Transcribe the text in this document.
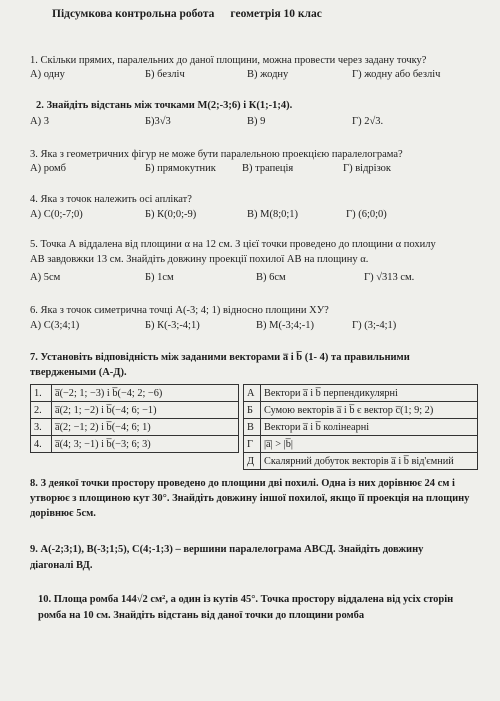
Підсумкова контрольна робота геометрія 10 клас
1. Скільки прямих, паралельних до даної площини, можна провести через задану точку?
А) одну	Б) безліч	В) жодну	Г) жодну або безліч
2. Знайдіть відстань між точками М(2;-3;6) і К(1;-1;4).
А) 3	Б)3√3	В) 9	Г) 2√3.
3. Яка з геометричних фігур не може бути паралельною проекцією паралелограма?
А) ромб	Б) прямокутник В) трапеція	Г) відрізок
4. Яка з точок належить осі аплікат?
А) С(0;-7;0)	Б) К(0;0;-9)	В) М(8;0;1)	Г) (6;0;0)
5. Точка А віддалена від площини α на 12 см. З цієї точки проведено до площини α похилу
АВ завдовжки 13 см. Знайдіть довжину проекції похилої АВ на площину α.
А) 5см	Б) 1см	В) 6см	Г) √313 см.
6. Яка з точок симетрична точці А(-3; 4; 1) відносно площини ХУ?
А) С(3;4;1)	Б) К(-3;-4;1)	В) М(-3;4;-1)	Г) (3;-4;1)
7. Установіть відповідність між заданими векторами a̅ і b̅ (1- 4) та правильними
тверджеными (А-Д).
1.	a̅(−2; 1; −3) і b̅(−4; 2; −6)		А	Вектори a̅ і b̅ перпендикулярні
2.	a̅(2; 1; −2) і b̅(−4; 6; −1)		Б	Сумою векторів a̅ і b̅ є вектор c̅(1; 9; 2)
3.	a̅(2; −1; 2) і b̅(−4; 6; 1)		В	Вектори a̅ і b̅ колінеарні
4.	a̅(4; 3; −1) і b̅(−3; 6; 3)		Г	|a̅| > |b̅|
			Д	Скалярний добуток векторів a̅ і b̅ від'ємний
8. З деякої точки простору проведено до площини дві похилі. Одна із них дорівнює 24 см і
утворює з площиною кут 30°. Знайдіть довжину іншої похилої, якщо її проекція на площину
дорівнює 5см.
9. А(-2;3;1), В(-3;1;5), С(4;-1;3) – вершини паралелограма АВСД. Знайдіть довжину
діагоналі ВД.
10. Площа ромба 144√2 см², а один із кутів 45°. Точка простору віддалена від усіх сторін
ромба на 10 см. Знайдіть відстань від даної точки до площини ромба
